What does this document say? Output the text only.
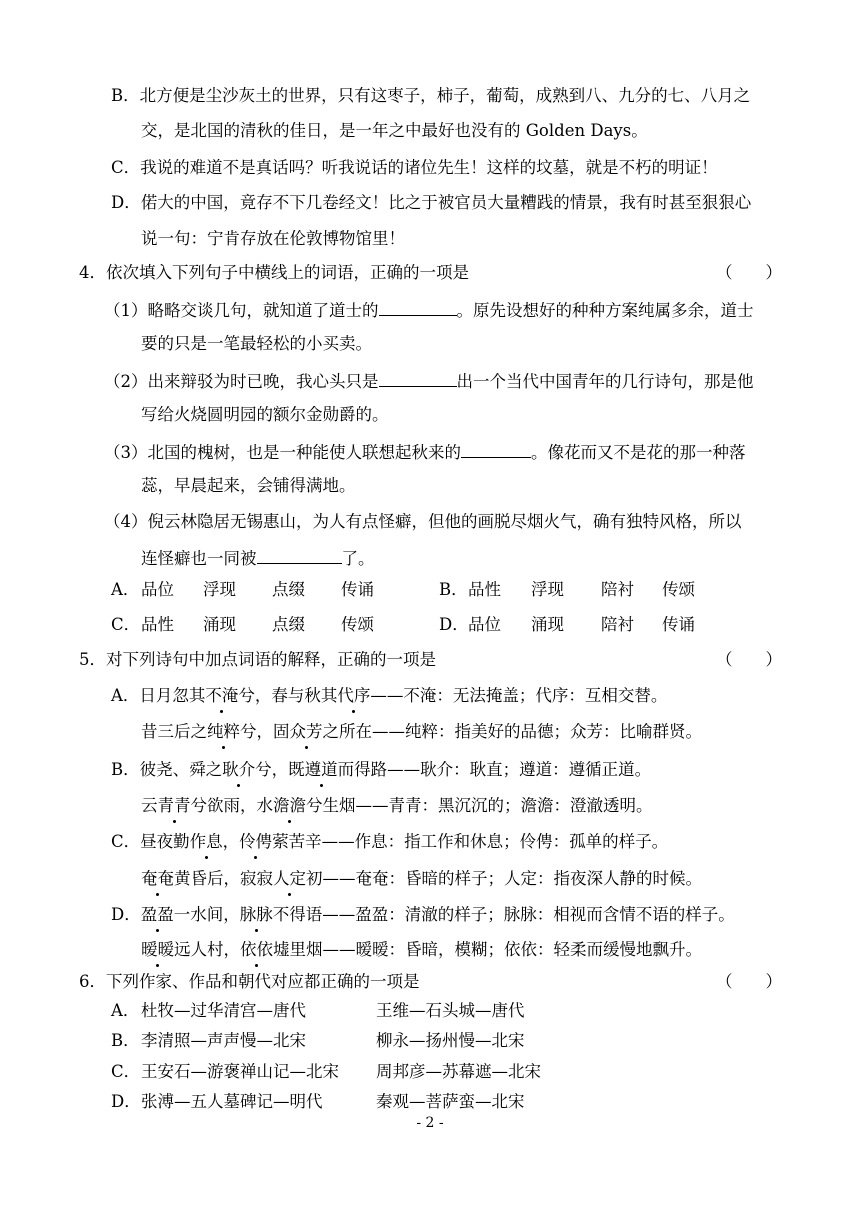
B．北方便是尘沙灰土的世界，只有这枣子，柿子，葡萄，成熟到八、九分的七、八月之
交，是北国的清秋的佳日，是一年之中最好也没有的 Golden Days。
C．我说的难道不是真话吗？听我说话的诸位先生！这样的坟墓，就是不朽的明证！
D．偌大的中国，竟存不下几卷经文！比之于被官员大量糟践的情景，我有时甚至狠狠心
说一句：宁肯存放在伦敦博物馆里！
4．依次填入下列句子中横线上的词语，正确的一项是	（　　）
（1）略略交谈几句，就知道了道士的	。原先设想好的种种方案纯属多余，道士
要的只是一笔最轻松的小买卖。
（2）出来辩驳为时已晚，我心头只是	出一个当代中国青年的几行诗句，那是他
写给火烧圆明园的额尔金勋爵的。
（3）北国的槐树，也是一种能使人联想起秋来的	。像花而又不是花的那一种落
蕊，早晨起来，会铺得满地。
（4）倪云林隐居无锡惠山，为人有点怪癖，但他的画脱尽烟火气，确有独特风格，所以
连怪癖也一同被	了。
A． 品位 浮现 点缀 传诵	B． 品性 浮现 陪衬 传颂
C． 品性 涌现 点缀 传颂	D． 品位 涌现 陪衬 传诵
5．对下列诗句中加点词语的解释，正确的一项是	（　　）
A．日月忽其不淹兮，春与秋其代序——不淹：无法掩盖；代序：互相交替。
昔三后之纯粹兮，固众芳之所在——纯粹：指美好的品德；众芳：比喻群贤。
B．彼尧、舜之耿介兮，既遵道而得路——耿介：耿直；遵道：遵循正道。
云青青兮欲雨，水澹澹兮生烟——青青：黑沉沉的；澹澹：澄澈透明。
C．昼夜勤作息，伶俜萦苦辛——作息：指工作和休息；伶俜：孤单的样子。
奄奄黄昏后，寂寂人定初——奄奄：昏暗的样子；人定：指夜深人静的时候。
D．盈盈一水间，脉脉不得语——盈盈：清澈的样子；脉脉：相视而含情不语的样子。
暧暧远人村，依依墟里烟——暧暧：昏暗，模糊；依依：轻柔而缓慢地飘升。
6．下列作家、作品和朝代对应都正确的一项是	（　　）
A． 杜牧—过华清宫—唐代	王维—石头城—唐代
B． 李清照—声声慢—北宋	柳永—扬州慢—北宋
C． 王安石—游褒禅山记—北宋 周邦彦—苏幕遮—北宋
D． 张溥—五人墓碑记—明代	秦观—菩萨蛮—北宋
- 2 -
